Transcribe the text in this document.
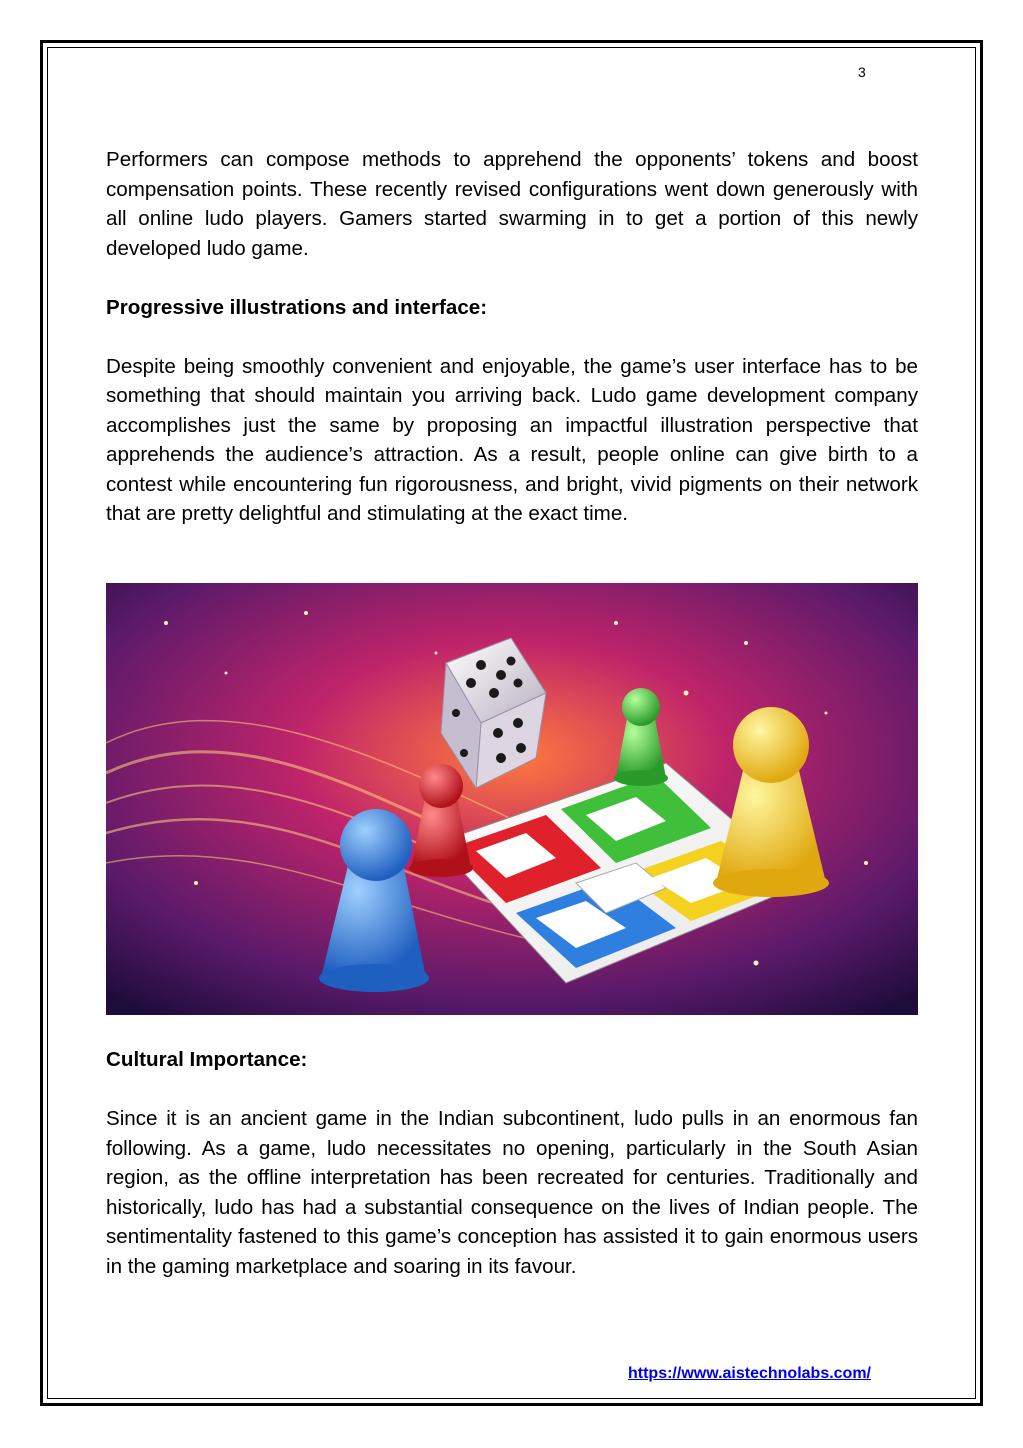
3

Performers can compose methods to apprehend the opponents’ tokens and boost compensation points. These recently revised configurations went down generously with all online ludo players. Gamers started swarming in to get a portion of this newly developed ludo game.

Progressive illustrations and interface:

Despite being smoothly convenient and enjoyable, the game’s user interface has to be something that should maintain you arriving back. Ludo game development company accomplishes just the same by proposing an impactful illustration perspective that apprehends the audience’s attraction. As a result, people online can give birth to a contest while encountering fun rigorousness, and bright, vivid pigments on their network that are pretty delightful and stimulating at the exact time.

Cultural Importance:

Since it is an ancient game in the Indian subcontinent, ludo pulls in an enormous fan following. As a game, ludo necessitates no opening, particularly in the South Asian region, as the offline interpretation has been recreated for centuries. Traditionally and historically, ludo has had a substantial consequence on the lives of Indian people. The sentimentality fastened to this game’s conception has assisted it to gain enormous users in the gaming marketplace and soaring in its favour.

https://www.aistechnolabs.com/
